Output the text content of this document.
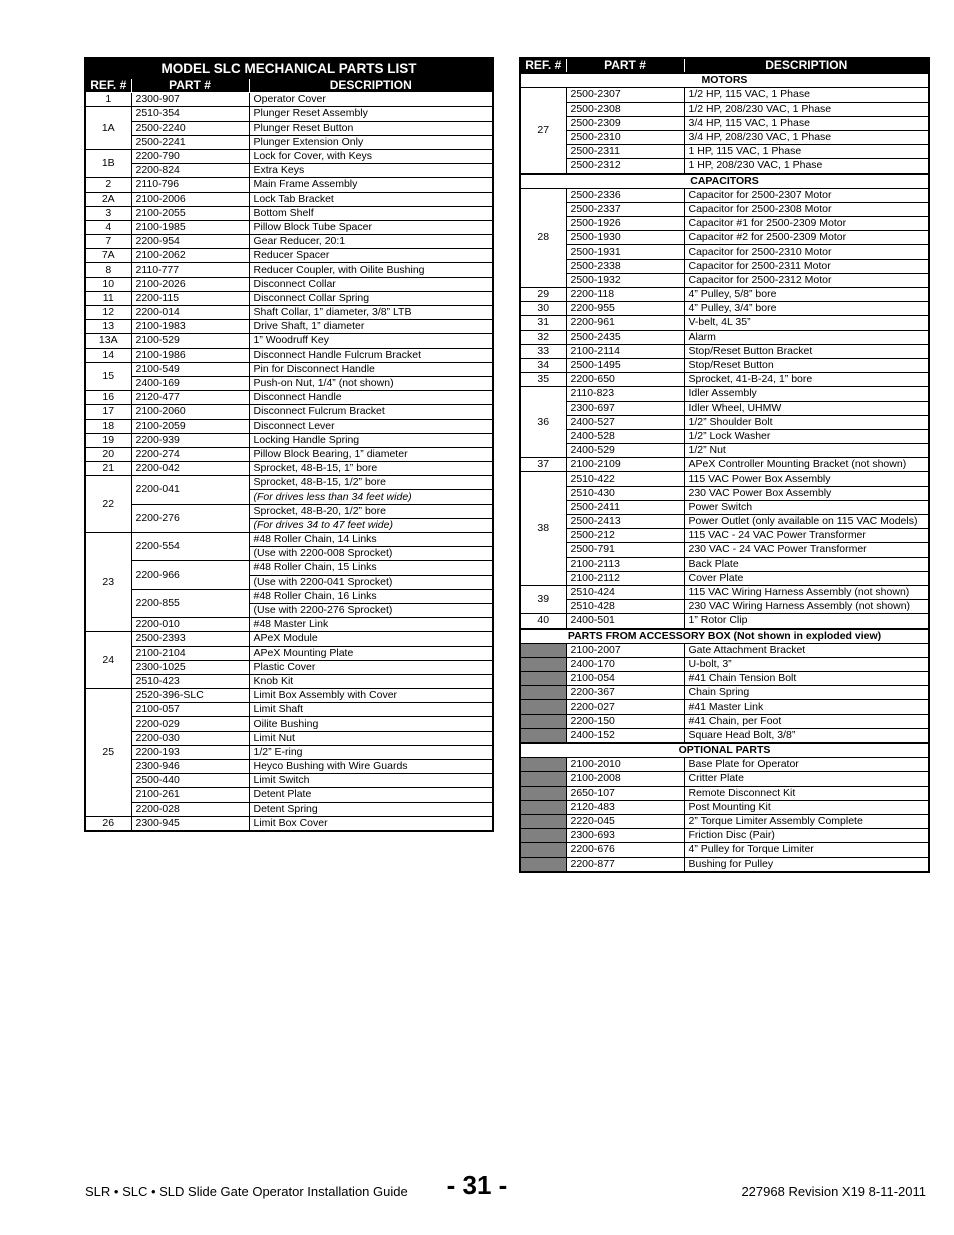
MODEL SLC MECHANICAL PARTS LIST		
REF. #	PART #	DESCRIPTION
1	2300-907	Operator Cover
1A	2510-354	Plunger Reset Assembly
	2500-2240	Plunger Reset Button
	2500-2241	Plunger Extension Only
1B	2200-790	Lock for Cover, with Keys
	2200-824	Extra Keys
2	2110-796	Main Frame Assembly
2A	2100-2006	Lock Tab Bracket
3	2100-2055	Bottom Shelf
4	2100-1985	Pillow Block Tube Spacer
7	2200-954	Gear Reducer, 20:1
7A	2100-2062	Reducer Spacer
8	2110-777	Reducer Coupler, with Oilite Bushing
10	2100-2026	Disconnect Collar
11	2200-115	Disconnect Collar Spring
12	2200-014	Shaft Collar, 1” diameter, 3/8” LTB
13	2100-1983	Drive Shaft, 1” diameter
13A	2100-529	1” Woodruff Key
14	2100-1986	Disconnect Handle Fulcrum Bracket
15	2100-549	Pin for Disconnect Handle
	2400-169	Push-on Nut, 1/4” (not shown)
16	2120-477	Disconnect Handle
17	2100-2060	Disconnect Fulcrum Bracket
18	2100-2059	Disconnect Lever
19	2200-939	Locking Handle Spring
20	2200-274	Pillow Block Bearing, 1” diameter
21	2200-042	Sprocket, 48-B-15, 1” bore
22	2200-041	Sprocket, 48-B-15, 1/2” bore
		(For drives less than 34 feet wide)
	2200-276	Sprocket, 48-B-20, 1/2” bore
		(For drives 34 to 47 feet wide)
23	2200-554	#48 Roller Chain, 14 Links
		(Use with 2200-008 Sprocket)
	2200-966	#48 Roller Chain, 15 Links
		(Use with 2200-041 Sprocket)
	2200-855	#48 Roller Chain, 16 Links
		(Use with 2200-276 Sprocket)
	2200-010	#48 Master Link
24	2500-2393	APeX Module
	2100-2104	APeX Mounting Plate
	2300-1025	Plastic Cover
	2510-423	Knob Kit
25	2520-396-SLC	Limit Box Assembly with Cover
	2100-057	Limit Shaft
	2200-029	Oilite Bushing
	2200-030	Limit Nut
	2200-193	1/2” E-ring
	2300-946	Heyco Bushing with Wire Guards
	2500-440	Limit Switch
	2100-261	Detent Plate
	2200-028	Detent Spring
26	2300-945	Limit Box Cover
REF. #	PART #	DESCRIPTION
MOTORS		
27	2500-2307	1/2 HP, 115 VAC, 1 Phase
	2500-2308	1/2 HP, 208/230 VAC, 1 Phase
	2500-2309	3/4 HP, 115 VAC, 1 Phase
	2500-2310	3/4 HP, 208/230 VAC, 1 Phase
	2500-2311	1 HP, 115 VAC, 1 Phase
	2500-2312	1 HP, 208/230 VAC, 1 Phase
CAPACITORS		
28	2500-2336	Capacitor for 2500-2307 Motor
	2500-2337	Capacitor for 2500-2308 Motor
	2500-1926	Capacitor #1 for 2500-2309 Motor
	2500-1930	Capacitor #2 for 2500-2309 Motor
	2500-1931	Capacitor for 2500-2310 Motor
	2500-2338	Capacitor for 2500-2311 Motor
	2500-1932	Capacitor for 2500-2312 Motor
29	2200-118	4” Pulley, 5/8” bore
30	2200-955	4” Pulley, 3/4” bore
31	2200-961	V-belt, 4L 35”
32	2500-2435	Alarm
33	2100-2114	Stop/Reset Button Bracket
34	2500-1495	Stop/Reset Button
35	2200-650	Sprocket, 41-B-24, 1” bore
36	2110-823	Idler Assembly
	2300-697	Idler Wheel, UHMW
	2400-527	1/2” Shoulder Bolt
	2400-528	1/2” Lock Washer
	2400-529	1/2” Nut
37	2100-2109	APeX Controller Mounting Bracket (not shown)
38	2510-422	115 VAC Power Box Assembly
	2510-430	230 VAC Power Box Assembly
	2500-2411	Power Switch
	2500-2413	Power Outlet (only available on 115 VAC Models)
	2500-212	115 VAC - 24 VAC Power Transformer
	2500-791	230 VAC - 24 VAC Power Transformer
	2100-2113	Back Plate
	2100-2112	Cover Plate
39	2510-424	115 VAC Wiring Harness Assembly (not shown)
	2510-428	230 VAC Wiring Harness Assembly (not shown)
40	2400-501	1” Rotor Clip
PARTS FROM ACCESSORY BOX (Not shown in exploded view)		
	2100-2007	Gate Attachment Bracket
	2400-170	U-bolt, 3”
	2100-054	#41 Chain Tension Bolt
	2200-367	Chain Spring
	2200-027	#41 Master Link
	2200-150	#41 Chain, per Foot
	2400-152	Square Head Bolt, 3/8”
OPTIONAL PARTS		
	2100-2010	Base Plate for Operator
	2100-2008	Critter Plate
	2650-107	Remote Disconnect Kit
	2120-483	Post Mounting Kit
	2220-045	2” Torque Limiter Assembly Complete
	2300-693	Friction Disc (Pair)
	2200-676	4” Pulley for Torque Limiter
	2200-877	Bushing for Pulley
SLR • SLC • SLD Slide Gate Operator Installation Guide	- 31 -	227968 Revision X19 8-11-2011
